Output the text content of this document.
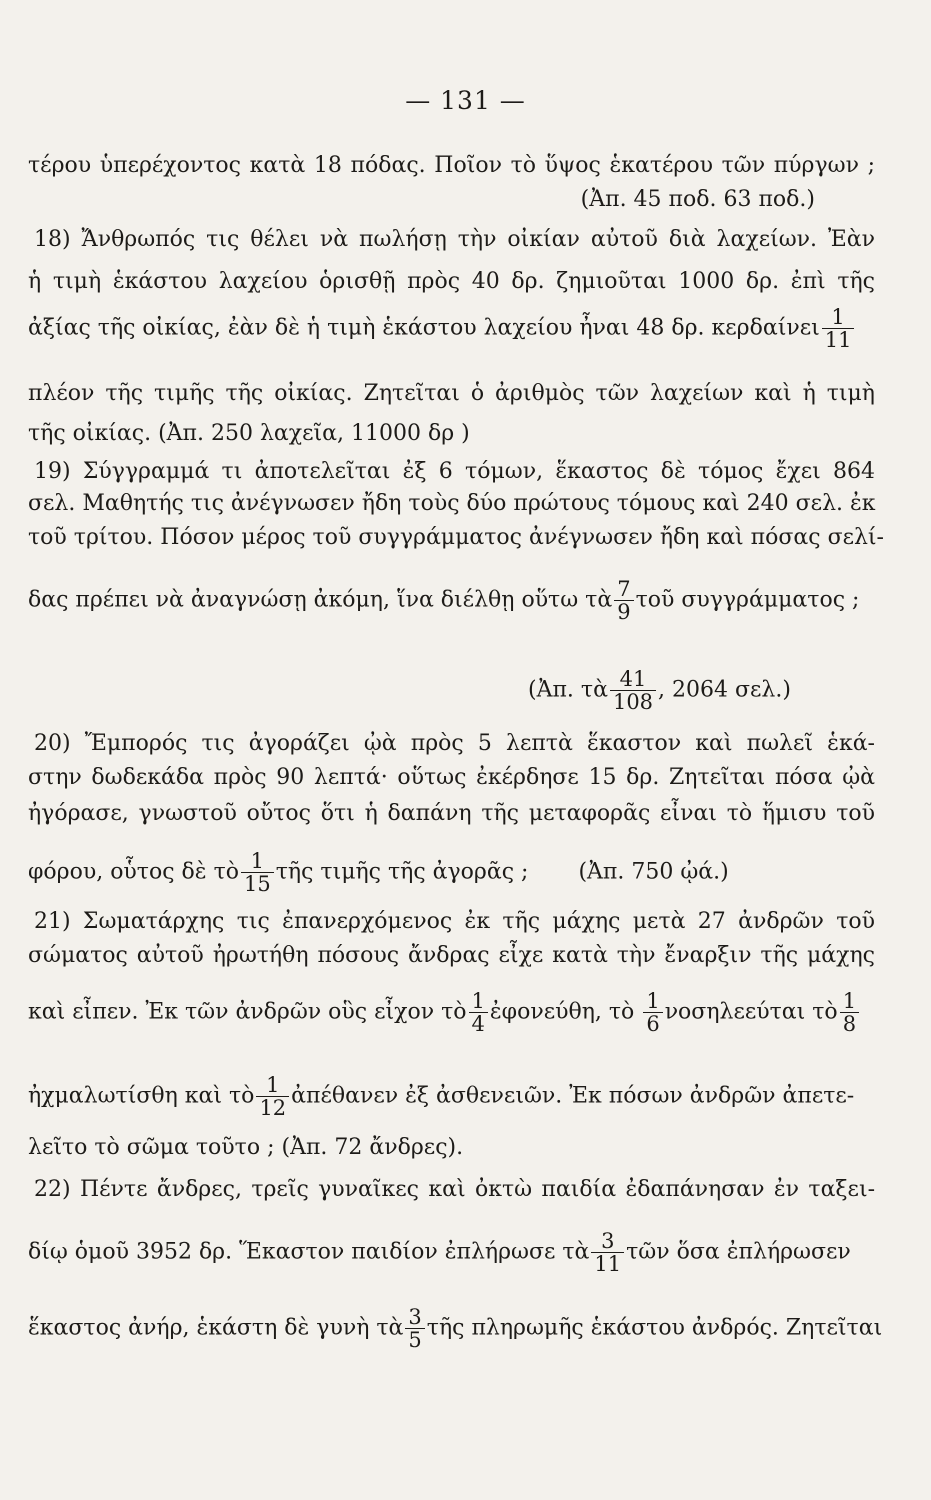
— 131 —
τέρου ὑπερέχοντος κατὰ 18 πόδας. Ποῖον τὸ ὕψος ἑκατέρου τῶν πύργων ;
(Ἀπ. 45 ποδ. 63 ποδ.)
18) Ἄνθρωπός τις θέλει νὰ πωλήσῃ τὴν οἰκίαν αὐτοῦ διὰ λαχείων. Ἐὰν
ἡ τιμὴ ἑκάστου λαχείου ὁρισθῇ πρὸς 40 δρ. ζημιοῦται 1000 δρ. ἐπὶ τῆς
ἀξίας τῆς οἰκίας, ἐὰν δὲ ἡ τιμὴ ἑκάστου λαχείου ἦναι 48 δρ. κερδαίνει $\frac{1}{11}$
πλέον τῆς τιμῆς τῆς οἰκίας. Ζητεῖται ὁ ἀριθμὸς τῶν λαχείων καὶ ἡ τιμὴ
τῆς οἰκίας. (Ἀπ. 250 λαχεῖα, 11000 δρ )
19) Σύγγραμμά τι ἀποτελεῖται ἐξ 6 τόμων, ἕκαστος δὲ τόμος ἔχει 864
σελ. Μαθητής τις ἀνέγνωσεν ἤδη τοὺς δύο πρώτους τόμους καὶ 240 σελ. ἐκ
τοῦ τρίτου. Πόσον μέρος τοῦ συγγράμματος ἀνέγνωσεν ἤδη καὶ πόσας σελί-
δας πρέπει νὰ ἀναγνώσῃ ἀκόμη, ἵνα διέλθῃ οὕτω τὰ $\frac{7}{9}$ τοῦ συγγράμματος ;
(Ἀπ. τὰ $\frac{41}{108}$ , 2064 σελ.)
20) Ἔμπορός τις ἀγοράζει ᾠὰ πρὸς 5 λεπτὰ ἕκαστον καὶ πωλεῖ ἑκά-
στην δωδεκάδα πρὸς 90 λεπτά· οὕτως ἐκέρδησε 15 δρ. Ζητεῖται πόσα ᾠὰ
ἠγόρασε, γνωστοῦ οὔτος ὅτι ἡ δαπάνη τῆς μεταφορᾶς εἶναι τὸ ἥμισυ τοῦ
φόρου, οὗτος δὲ τὸ $\frac{1}{15}$ τῆς τιμῆς τῆς ἀγορᾶς ; (Ἀπ. 750 ᾠά.)
21) Σωματάρχης τις ἐπανερχόμενος ἐκ τῆς μάχης μετὰ 27 ἀνδρῶν τοῦ
σώματος αὐτοῦ ἠρωτήθη πόσους ἄνδρας εἶχε κατὰ τὴν ἔναρξιν τῆς μάχης
καὶ εἶπεν. Ἐκ τῶν ἀνδρῶν οὓς εἶχον τὸ $\frac{1}{4}$ ἐφονεύθη, τὸ $\frac{1}{6}$ νοσηλεεύται τὸ $\frac{1}{8}$
ἠχμαλωτίσθη καὶ τὸ $\frac{1}{12}$ ἀπέθανεν ἐξ ἀσθενειῶν. Ἐκ πόσων ἀνδρῶν ἀπετε-
λεῖτο τὸ σῶμα τοῦτο ; (Ἀπ. 72 ἄνδρες).
22) Πέντε ἄνδρες, τρεῖς γυναῖκες καὶ ὀκτὼ παιδία ἐδαπάνησαν ἐν ταξει-
δίῳ ὁμοῦ 3952 δρ. Ἕκαστον παιδίον ἐπλήρωσε τὰ $\frac{3}{11}$ τῶν ὅσα ἐπλήρωσεν
ἕκαστος ἀνήρ, ἑκάστη δὲ γυνὴ τὰ $\frac{3}{5}$ τῆς πληρωμῆς ἑκάστου ἀνδρός. Ζητεῖται
